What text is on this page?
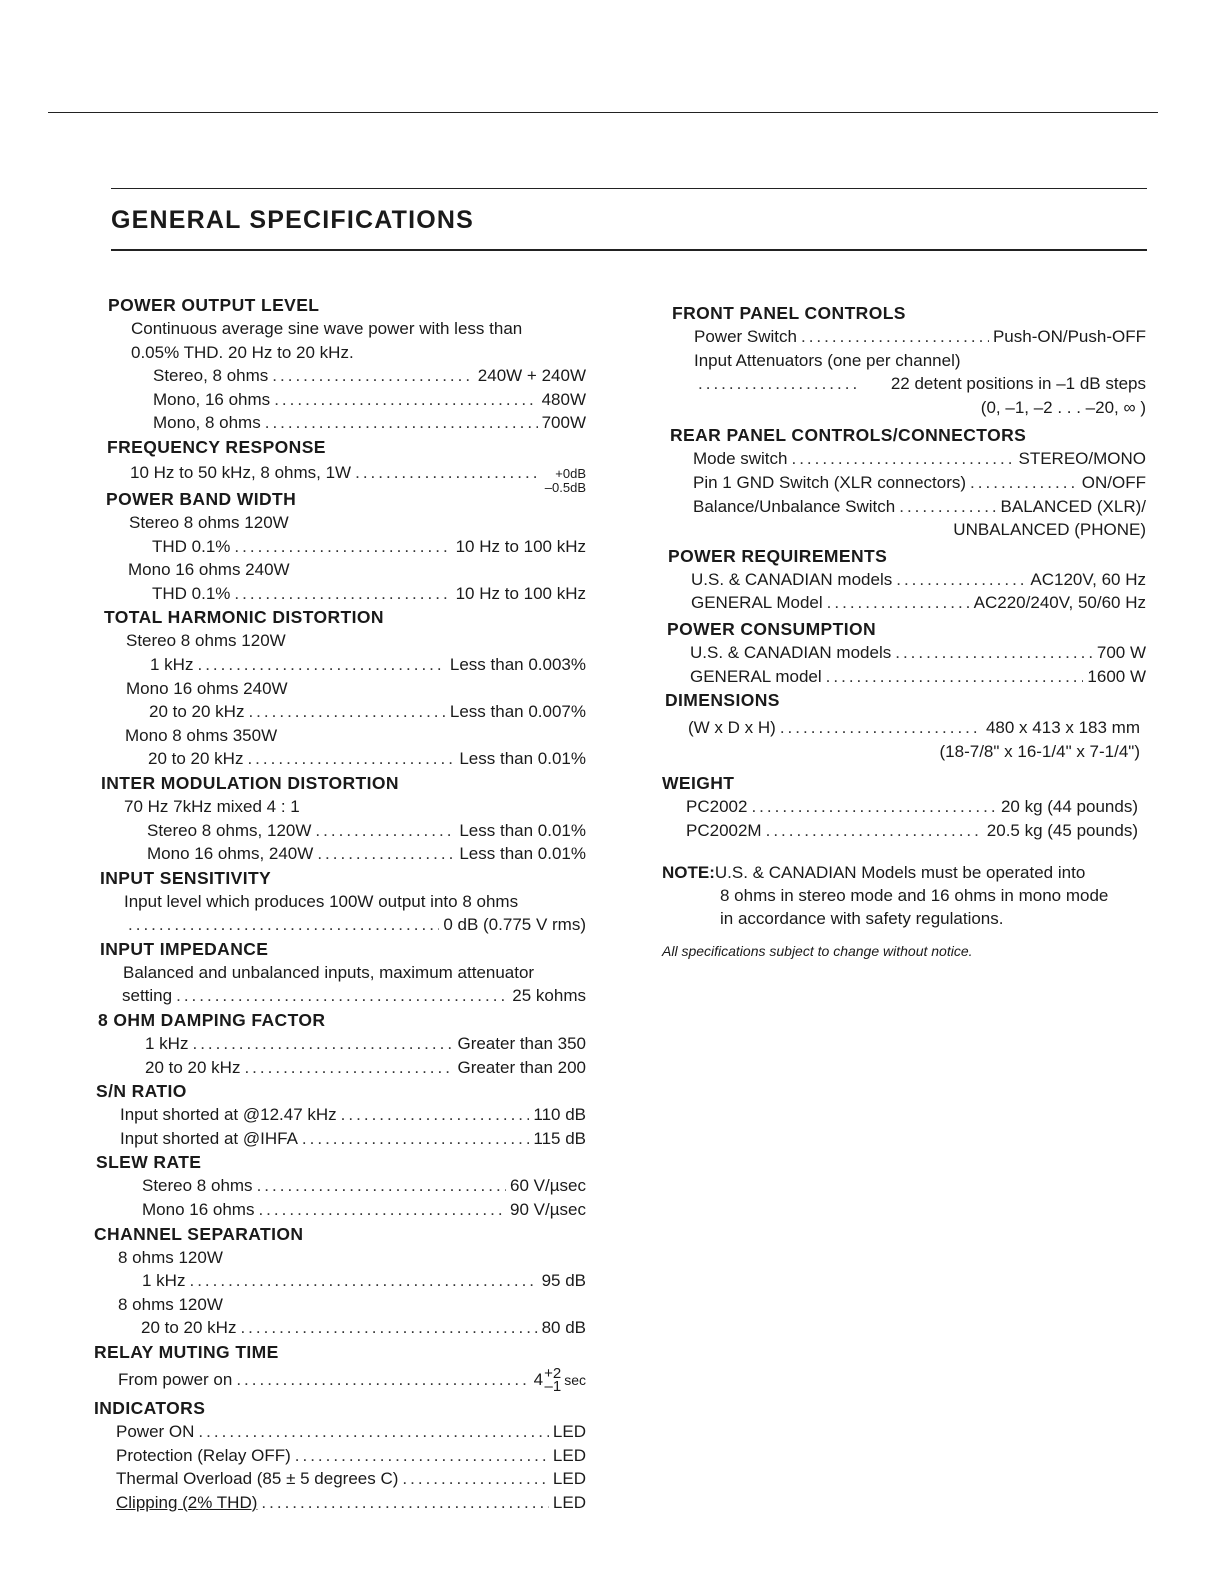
GENERAL SPECIFICATIONS
POWER OUTPUT LEVEL
Continuous average sine wave power with less than
0.05% THD. 20 Hz to 20 kHz.
Stereo, 8 ohms .....	240W + 240W
Mono, 16 ohms .....	480W
Mono, 8 ohms .....	700W
FREQUENCY RESPONSE
10 Hz to 50 kHz, 8 ohms, 1W .....	+0dB
–0.5dB
POWER BAND WIDTH
Stereo 8 ohms 120W
THD 0.1% .....	10 Hz to 100 kHz
Mono 16 ohms 240W
THD 0.1% .....	10 Hz to 100 kHz
TOTAL HARMONIC DISTORTION
Stereo 8 ohms 120W
1 kHz .....	Less than 0.003%
Mono 16 ohms 240W
20 to 20 kHz .....	Less than 0.007%
Mono 8 ohms 350W
20 to 20 kHz .....	Less than 0.01%
INTER MODULATION DISTORTION
70 Hz 7kHz mixed 4 : 1
Stereo 8 ohms, 120W .....	Less than 0.01%
Mono 16 ohms, 240W .....	Less than 0.01%
INPUT SENSITIVITY
Input level which produces 100W output into 8 ohms
.....
0 dB (0.775 V rms)
INPUT IMPEDANCE
Balanced and unbalanced inputs, maximum attenuator
setting .....	25 kohms
8 OHM DAMPING FACTOR
1 kHz .....	Greater than 350
20 to 20 kHz .....	Greater than 200
S/N RATIO
Input shorted at @12.47 kHz .....	110 dB
Input shorted at @IHFA .....	115 dB
SLEW RATE
Stereo 8 ohms .....	60 V/µsec
Mono 16 ohms .....	90 V/µsec
CHANNEL SEPARATION
8 ohms 120W
1 kHz .....	95 dB
8 ohms 120W
20 to 20 kHz .....	80 dB
RELAY MUTING TIME
From power on .....	4 +2
–1 sec
INDICATORS
Power ON .....	LED
Protection (Relay OFF) .....	LED
Thermal Overload (85 ± 5 degrees C) .....	LED
Clipping (2% THD) .....	LED
FRONT PANEL CONTROLS
Power Switch .....	Push-ON/Push-OFF
Input Attenuators (one per channel)
.....
22 detent positions in –1 dB steps
(0, –1, –2 . . . –20, ∞ )
REAR PANEL CONTROLS/CONNECTORS
Mode switch .....	STEREO/MONO
Pin 1 GND Switch (XLR connectors) .....	ON/OFF
Balance/Unbalance Switch .....	BALANCED (XLR)/
UNBALANCED (PHONE)
POWER REQUIREMENTS
U.S. & CANADIAN models .....	AC120V, 60 Hz
GENERAL Model .....	AC220/240V, 50/60 Hz
POWER CONSUMPTION
U.S. & CANADIAN models .....	700 W
GENERAL model .....	1600 W
DIMENSIONS
(W x D x H) .....	480 x 413 x 183 mm
(18-7/8" x 16-1/4" x 7-1/4")
WEIGHT
PC2002 .....	20 kg (44 pounds)
PC2002M .....	20.5 kg (45 pounds)
NOTE:U.S. & CANADIAN Models must be operated into
8 ohms in stereo mode and 16 ohms in mono mode
in accordance with safety regulations.
All specifications subject to change without notice.
